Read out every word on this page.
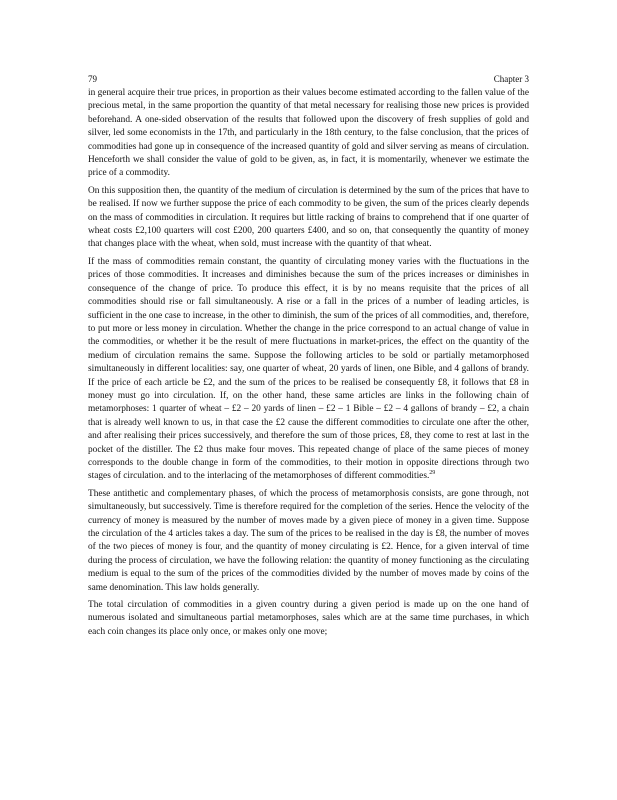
79	Chapter 3

in general acquire their true prices, in proportion as their values become estimated according to the fallen value of the precious metal, in the same proportion the quantity of that metal necessary for realising those new prices is provided beforehand. A one-sided observation of the results that followed upon the discovery of fresh supplies of gold and silver, led some economists in the 17th, and particularly in the 18th century, to the false conclusion, that the prices of commodities had gone up in consequence of the increased quantity of gold and silver serving as means of circulation. Henceforth we shall consider the value of gold to be given, as, in fact, it is momentarily, whenever we estimate the price of a commodity.

On this supposition then, the quantity of the medium of circulation is determined by the sum of the prices that have to be realised. If now we further suppose the price of each commodity to be given, the sum of the prices clearly depends on the mass of commodities in circulation. It requires but little racking of brains to comprehend that if one quarter of wheat costs £2,100 quarters will cost £200, 200 quarters £400, and so on, that consequently the quantity of money that changes place with the wheat, when sold, must increase with the quantity of that wheat.

If the mass of commodities remain constant, the quantity of circulating money varies with the fluctuations in the prices of those commodities. It increases and diminishes because the sum of the prices increases or diminishes in consequence of the change of price. To produce this effect, it is by no means requisite that the prices of all commodities should rise or fall simultaneously. A rise or a fall in the prices of a number of leading articles, is sufficient in the one case to increase, in the other to diminish, the sum of the prices of all commodities, and, therefore, to put more or less money in circulation. Whether the change in the price correspond to an actual change of value in the commodities, or whether it be the result of mere fluctuations in market-prices, the effect on the quantity of the medium of circulation remains the same. Suppose the following articles to be sold or partially metamorphosed simultaneously in different localities: say, one quarter of wheat, 20 yards of linen, one Bible, and 4 gallons of brandy. If the price of each article be £2, and the sum of the prices to be realised be consequently £8, it follows that £8 in money must go into circulation. If, on the other hand, these same articles are links in the following chain of metamorphoses: 1 quarter of wheat – £2 – 20 yards of linen – £2 – 1 Bible – £2 – 4 gallons of brandy – £2, a chain that is already well known to us, in that case the £2 cause the different commodities to circulate one after the other, and after realising their prices successively, and therefore the sum of those prices, £8, they come to rest at last in the pocket of the distiller. The £2 thus make four moves. This repeated change of place of the same pieces of money corresponds to the double change in form of the commodities, to their motion in opposite directions through two stages of circulation. and to the interlacing of the metamorphoses of different commodities.$^{29}$

These antithetic and complementary phases, of which the process of metamorphosis consists, are gone through, not simultaneously, but successively. Time is therefore required for the completion of the series. Hence the velocity of the currency of money is measured by the number of moves made by a given piece of money in a given time. Suppose the circulation of the 4 articles takes a day. The sum of the prices to be realised in the day is £8, the number of moves of the two pieces of money is four, and the quantity of money circulating is £2. Hence, for a given interval of time during the process of circulation, we have the following relation: the quantity of money functioning as the circulating medium is equal to the sum of the prices of the commodities divided by the number of moves made by coins of the same denomination. This law holds generally.

The total circulation of commodities in a given country during a given period is made up on the one hand of numerous isolated and simultaneous partial metamorphoses, sales which are at the same time purchases, in which each coin changes its place only once, or makes only one move;
